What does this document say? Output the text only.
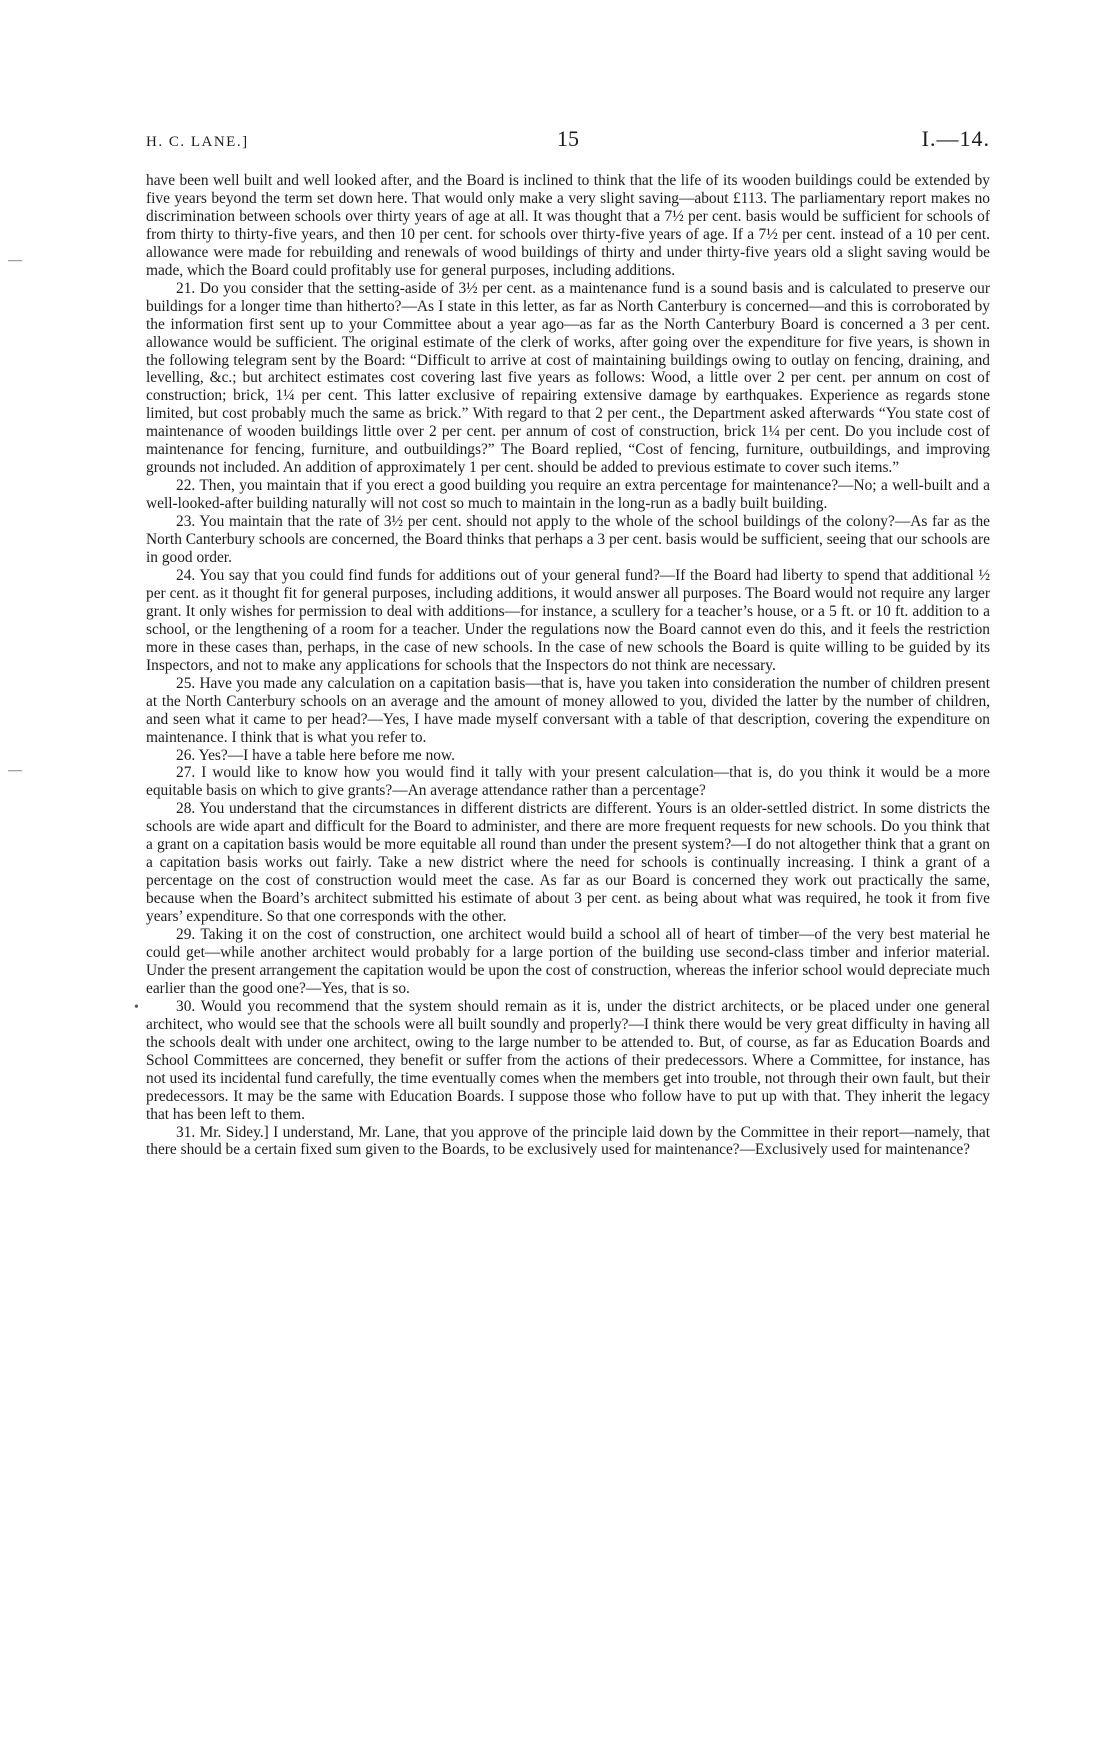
H. C. LANE.]	15	I.—14.
—
—
•

have been well built and well looked after, and the Board is inclined to think that the life of its wooden buildings could be extended by five years beyond the term set down here. That would only make a very slight saving—about £113. The parliamentary report makes no discrimination between schools over thirty years of age at all. It was thought that a 7½ per cent. basis would be sufficient for schools of from thirty to thirty-five years, and then 10 per cent. for schools over thirty-five years of age. If a 7½ per cent. instead of a 10 per cent. allowance were made for rebuilding and renewals of wood buildings of thirty and under thirty-five years old a slight saving would be made, which the Board could profitably use for general purposes, including additions.

21. Do you consider that the setting-aside of 3½ per cent. as a maintenance fund is a sound basis and is calculated to preserve our buildings for a longer time than hitherto?—As I state in this letter, as far as North Canterbury is concerned—and this is corroborated by the information first sent up to your Committee about a year ago—as far as the North Canterbury Board is concerned a 3 per cent. allowance would be sufficient. The original estimate of the clerk of works, after going over the expenditure for five years, is shown in the following telegram sent by the Board: “Difficult to arrive at cost of maintaining buildings owing to outlay on fencing, draining, and levelling, &c.; but architect estimates cost covering last five years as follows: Wood, a little over 2 per cent. per annum on cost of construction; brick, 1¼ per cent. This latter exclusive of repairing extensive damage by earthquakes. Experience as regards stone limited, but cost probably much the same as brick.” With regard to that 2 per cent., the Department asked afterwards “You state cost of maintenance of wooden buildings little over 2 per cent. per annum of cost of construction, brick 1¼ per cent. Do you include cost of maintenance for fencing, furniture, and outbuildings?” The Board replied, “Cost of fencing, furniture, outbuildings, and improving grounds not included. An addition of approximately 1 per cent. should be added to previous estimate to cover such items.”

22. Then, you maintain that if you erect a good building you require an extra percentage for maintenance?—No; a well-built and a well-looked-after building naturally will not cost so much to maintain in the long-run as a badly built building.

23. You maintain that the rate of 3½ per cent. should not apply to the whole of the school buildings of the colony?—As far as the North Canterbury schools are concerned, the Board thinks that perhaps a 3 per cent. basis would be sufficient, seeing that our schools are in good order.

24. You say that you could find funds for additions out of your general fund?—If the Board had liberty to spend that additional ½ per cent. as it thought fit for general purposes, including additions, it would answer all purposes. The Board would not require any larger grant. It only wishes for permission to deal with additions—for instance, a scullery for a teacher’s house, or a 5 ft. or 10 ft. addition to a school, or the lengthening of a room for a teacher. Under the regulations now the Board cannot even do this, and it feels the restriction more in these cases than, perhaps, in the case of new schools. In the case of new schools the Board is quite willing to be guided by its Inspectors, and not to make any applications for schools that the Inspectors do not think are necessary.

25. Have you made any calculation on a capitation basis—that is, have you taken into consideration the number of children present at the North Canterbury schools on an average and the amount of money allowed to you, divided the latter by the number of children, and seen what it came to per head?—Yes, I have made myself conversant with a table of that description, covering the expenditure on maintenance. I think that is what you refer to.

26. Yes?—I have a table here before me now.

27. I would like to know how you would find it tally with your present calculation—that is, do you think it would be a more equitable basis on which to give grants?—An average attendance rather than a percentage?

28. You understand that the circumstances in different districts are different. Yours is an older-settled district. In some districts the schools are wide apart and difficult for the Board to administer, and there are more frequent requests for new schools. Do you think that a grant on a capitation basis would be more equitable all round than under the present system?—I do not altogether think that a grant on a capitation basis works out fairly. Take a new district where the need for schools is continually increasing. I think a grant of a percentage on the cost of construction would meet the case. As far as our Board is concerned they work out practically the same, because when the Board’s architect submitted his estimate of about 3 per cent. as being about what was required, he took it from five years’ expenditure. So that one corresponds with the other.

29. Taking it on the cost of construction, one architect would build a school all of heart of timber—of the very best material he could get—while another architect would probably for a large portion of the building use second-class timber and inferior material. Under the present arrangement the capitation would be upon the cost of construction, whereas the inferior school would depreciate much earlier than the good one?—Yes, that is so.

30. Would you recommend that the system should remain as it is, under the district architects, or be placed under one general architect, who would see that the schools were all built soundly and properly?—I think there would be very great difficulty in having all the schools dealt with under one architect, owing to the large number to be attended to. But, of course, as far as Education Boards and School Committees are concerned, they benefit or suffer from the actions of their predecessors. Where a Committee, for instance, has not used its incidental fund carefully, the time eventually comes when the members get into trouble, not through their own fault, but their predecessors. It may be the same with Education Boards. I suppose those who follow have to put up with that. They inherit the legacy that has been left to them.

31. Mr. Sidey.] I understand, Mr. Lane, that you approve of the principle laid down by the Committee in their report—namely, that there should be a certain fixed sum given to the Boards, to be exclusively used for maintenance?—Exclusively used for maintenance?
